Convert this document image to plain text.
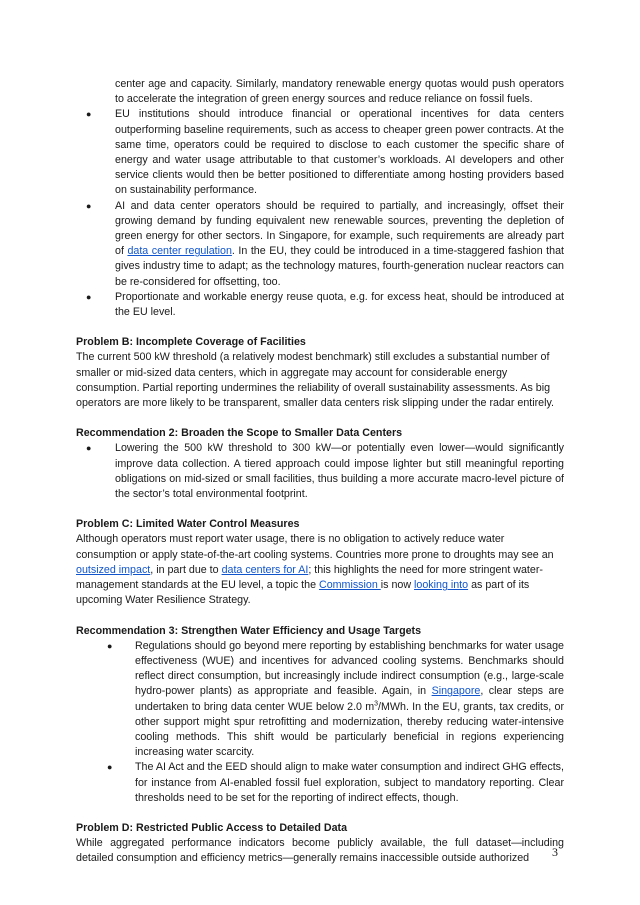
center age and capacity. Similarly, mandatory renewable energy quotas would push operators to accelerate the integration of green energy sources and reduce reliance on fossil fuels.

● EU institutions should introduce financial or operational incentives for data centers outperforming baseline requirements, such as access to cheaper green power contracts. At the same time, operators could be required to disclose to each customer the specific share of energy and water usage attributable to that customer’s workloads. AI developers and other service clients would then be better positioned to differentiate among hosting providers based on sustainability performance.
● AI and data center operators should be required to partially, and increasingly, offset their growing demand by funding equivalent new renewable sources, preventing the depletion of green energy for other sectors. In Singapore, for example, such requirements are already part of data center regulation. In the EU, they could be introduced in a time-staggered fashion that gives industry time to adapt; as the technology matures, fourth-generation nuclear reactors can be re-considered for offsetting, too.
● Proportionate and workable energy reuse quota, e.g. for excess heat, should be introduced at the EU level.
Problem B: Incomplete Coverage of Facilities

The current 500 kW threshold (a relatively modest benchmark) still excludes a substantial number of smaller or mid-sized data centers, which in aggregate may account for considerable energy consumption. Partial reporting undermines the reliability of overall sustainability assessments. As big operators are more likely to be transparent, smaller data centers risk slipping under the radar entirely.

Recommendation 2: Broaden the Scope to Smaller Data Centers
● Lowering the 500 kW threshold to 300 kW—or potentially even lower—would significantly improve data collection. A tiered approach could impose lighter but still meaningful reporting obligations on mid-sized or small facilities, thus building a more accurate macro-level picture of the sector’s total environmental footprint.
Problem C: Limited Water Control Measures

Although operators must report water usage, there is no obligation to actively reduce water consumption or apply state-of-the-art cooling systems. Countries more prone to droughts may see an outsized impact, in part due to data centers for AI; this highlights the need for more stringent water-management standards at the EU level, a topic the Commission is now looking into as part of its upcoming Water Resilience Strategy.

Recommendation 3: Strengthen Water Efficiency and Usage Targets
● Regulations should go beyond mere reporting by establishing benchmarks for water usage effectiveness (WUE) and incentives for advanced cooling systems. Benchmarks should reflect direct consumption, but increasingly include indirect consumption (e.g., large-scale hydro-power plants) as appropriate and feasible. Again, in Singapore, clear steps are undertaken to bring data center WUE below 2.0 $m^3$/MWh. In the EU, grants, tax credits, or other support might spur retrofitting and modernization, thereby reducing water-intensive cooling methods. This shift would be particularly beneficial in regions experiencing increasing water scarcity.
● The AI Act and the EED should align to make water consumption and indirect GHG effects, for instance from AI-enabled fossil fuel exploration, subject to mandatory reporting. Clear thresholds need to be set for the reporting of indirect effects, though.
Problem D: Restricted Public Access to Detailed Data

While aggregated performance indicators become publicly available, the full dataset—including detailed consumption and efficiency metrics—generally remains inaccessible outside authorized	3
